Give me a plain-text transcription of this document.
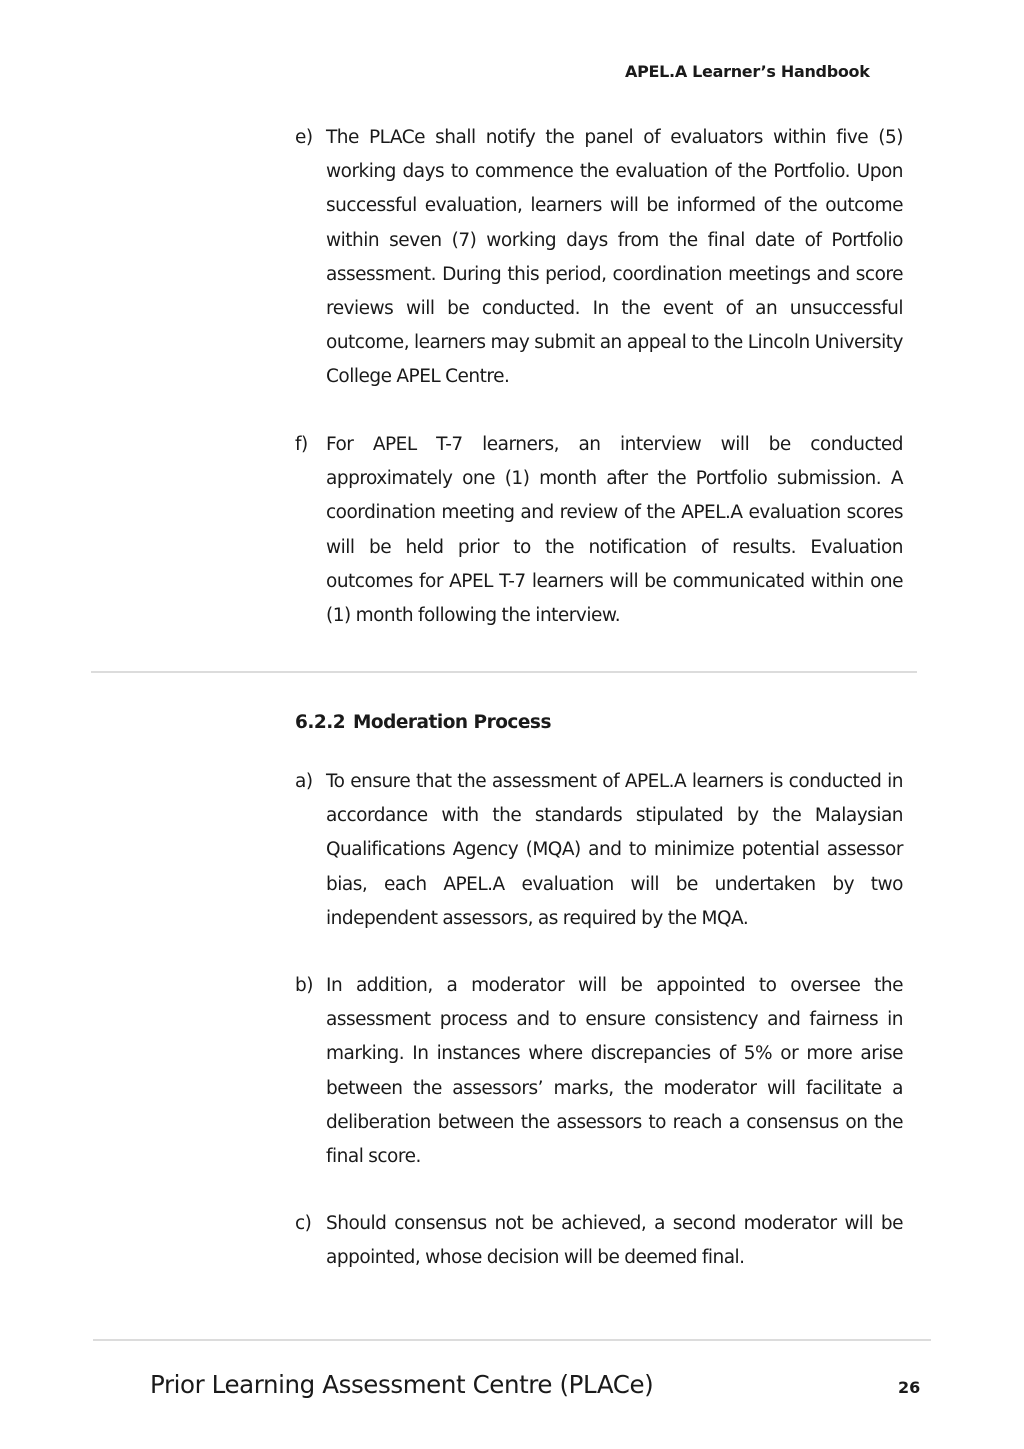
APEL.A Learner’s Handbook
e) The PLACe shall notify the panel of evaluators within five (5) working days to commence the evaluation of the Portfolio. Upon successful evaluation, learners will be informed of the outcome within seven (7) working days from the final date of Portfolio assessment. During this period, coordination meetings and score reviews will be conducted. In the event of an unsuccessful outcome, learners may submit an appeal to the Lincoln University College APEL Centre.
f) For APEL T-7 learners, an interview will be conducted approximately one (1) month after the Portfolio submission. A coordination meeting and review of the APEL.A evaluation scores will be held prior to the notification of results. Evaluation outcomes for APEL T-7 learners will be communicated within one (1) month following the interview.
6.2.2 Moderation Process
a) To ensure that the assessment of APEL.A learners is conducted in accordance with the standards stipulated by the Malaysian Qualifications Agency (MQA) and to minimize potential assessor bias, each APEL.A evaluation will be undertaken by two independent assessors, as required by the MQA.
b) In addition, a moderator will be appointed to oversee the assessment process and to ensure consistency and fairness in marking. In instances where discrepancies of 5% or more arise between the assessors’ marks, the moderator will facilitate a deliberation between the assessors to reach a consensus on the final score.
c) Should consensus not be achieved, a second moderator will be appointed, whose decision will be deemed final.
Prior Learning Assessment Centre (PLACe)	26
